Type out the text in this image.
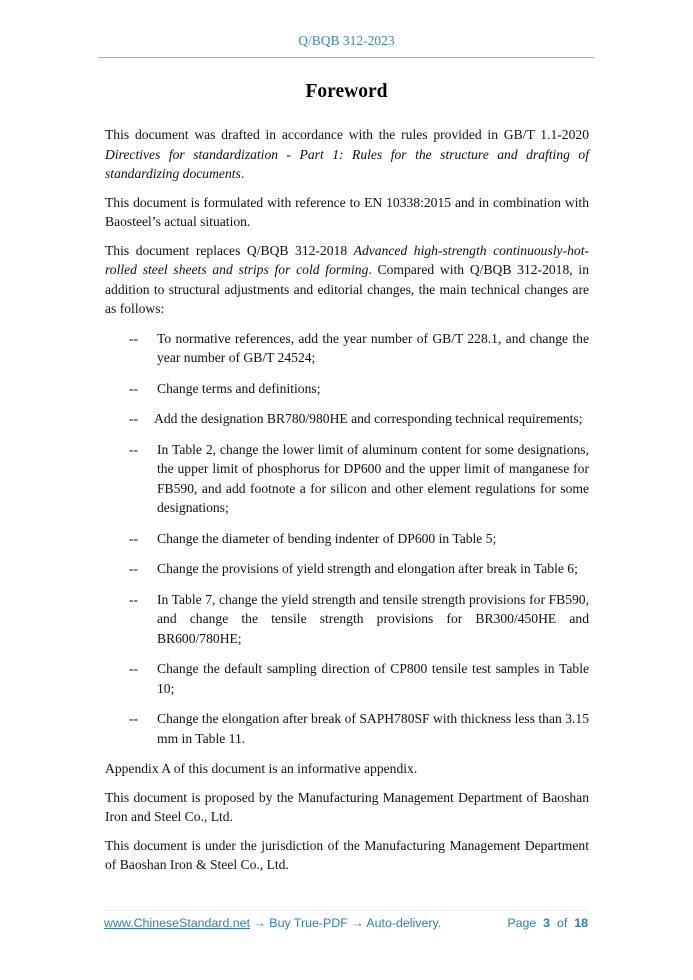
Q/BQB 312-2023
Foreword

This document was drafted in accordance with the rules provided in GB/T 1.1-2020 Directives for standardization - Part 1: Rules for the structure and drafting of standardizing documents.

This document is formulated with reference to EN 10338:2015 and in combination with Baosteel’s actual situation.

This document replaces Q/BQB 312-2018 Advanced high-strength continuously-hot-rolled steel sheets and strips for cold forming. Compared with Q/BQB 312-2018, in addition to structural adjustments and editorial changes, the main technical changes are as follows:

-- To normative references, add the year number of GB/T 228.1, and change the year number of GB/T 24524;
-- Change terms and definitions;
-- Add the designation BR780/980HE and corresponding technical requirements;
-- In Table 2, change the lower limit of aluminum content for some designations, the upper limit of phosphorus for DP600 and the upper limit of manganese for FB590, and add footnote a for silicon and other element regulations for some designations;
-- Change the diameter of bending indenter of DP600 in Table 5;
-- Change the provisions of yield strength and elongation after break in Table 6;
-- In Table 7, change the yield strength and tensile strength provisions for FB590, and change the tensile strength provisions for BR300/450HE and BR600/780HE;
-- Change the default sampling direction of CP800 tensile test samples in Table 10;
-- Change the elongation after break of SAPH780SF with thickness less than 3.15 mm in Table 11.

Appendix A of this document is an informative appendix.

This document is proposed by the Manufacturing Management Department of Baoshan Iron and Steel Co., Ltd.

This document is under the jurisdiction of the Manufacturing Management Department of Baoshan Iron & Steel Co., Ltd.

www.ChineseStandard.net → Buy True-PDF → Auto-delivery.	Page 3 of 18
